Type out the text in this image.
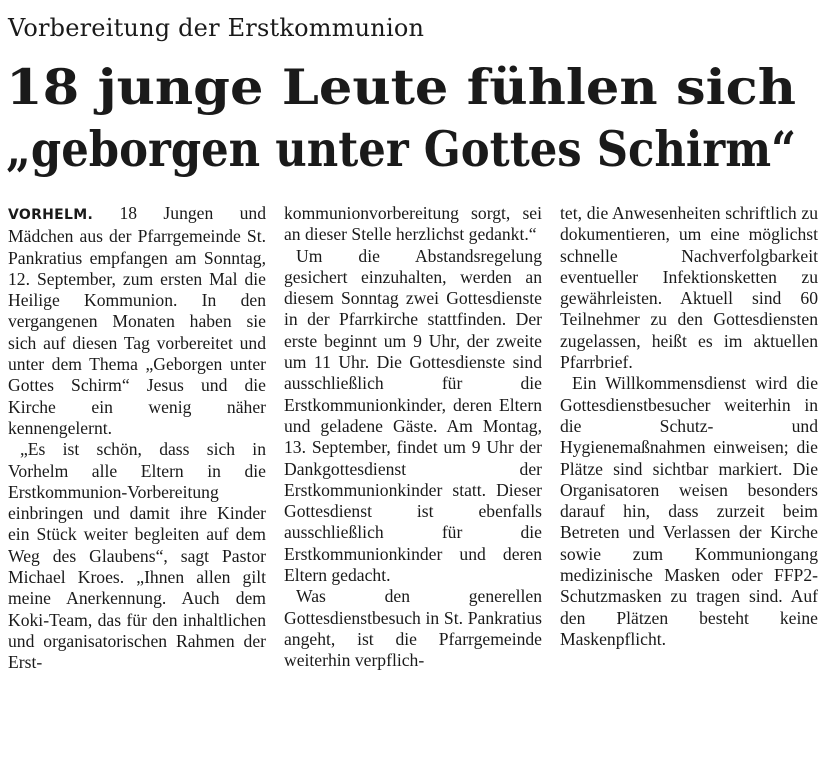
Vorbereitung der Erstkommunion
18 junge Leute fühlen sich
„geborgen unter Gottes Schirm“

VORHELM. 18 Jungen und Mädchen aus der Pfarrgemeinde St. Pankratius empfangen am Sonntag, 12. September, zum ersten Mal die Heilige Kommunion. In den vergangenen Monaten haben sie sich auf diesen Tag vorbereitet und unter dem Thema „Geborgen unter Gottes Schirm“ Jesus und die Kirche ein wenig näher kennengelernt.

„Es ist schön, dass sich in Vorhelm alle Eltern in die Erstkommunion-Vorbereitung einbringen und damit ihre Kinder ein Stück weiter begleiten auf dem Weg des Glaubens“, sagt Pastor Michael Kroes. „Ihnen allen gilt meine Anerkennung. Auch dem Koki-Team, das für den inhaltlichen und organisatorischen Rahmen der Erst-

kommunionvorbereitung sorgt, sei an dieser Stelle herzlichst gedankt.“

Um die Abstandsregelung gesichert einzuhalten, werden an diesem Sonntag zwei Gottesdienste in der Pfarrkirche stattfinden. Der erste beginnt um 9 Uhr, der zweite um 11 Uhr. Die Gottesdienste sind ausschließlich für die Erstkommunionkinder, deren Eltern und geladene Gäste. Am Montag, 13. September, findet um 9 Uhr der Dankgottesdienst der Erstkommunionkinder statt. Dieser Gottesdienst ist ebenfalls ausschließlich für die Erstkommunionkinder und deren Eltern gedacht.

Was den generellen Gottesdienstbesuch in St. Pankratius angeht, ist die Pfarrgemeinde weiterhin verpflich-

tet, die Anwesenheiten schriftlich zu dokumentieren, um eine möglichst schnelle Nachverfolgbarkeit eventueller Infektionsketten zu gewährleisten. Aktuell sind 60 Teilnehmer zu den Gottesdiensten zugelassen, heißt es im aktuellen Pfarrbrief.

Ein Willkommensdienst wird die Gottesdienstbesucher weiterhin in die Schutz- und Hygienemaßnahmen einweisen; die Plätze sind sichtbar markiert. Die Organisatoren weisen besonders darauf hin, dass zurzeit beim Betreten und Verlassen der Kirche sowie zum Kommuniongang medizinische Masken oder FFP2-Schutzmasken zu tragen sind. Auf den Plätzen besteht keine Maskenpflicht.
